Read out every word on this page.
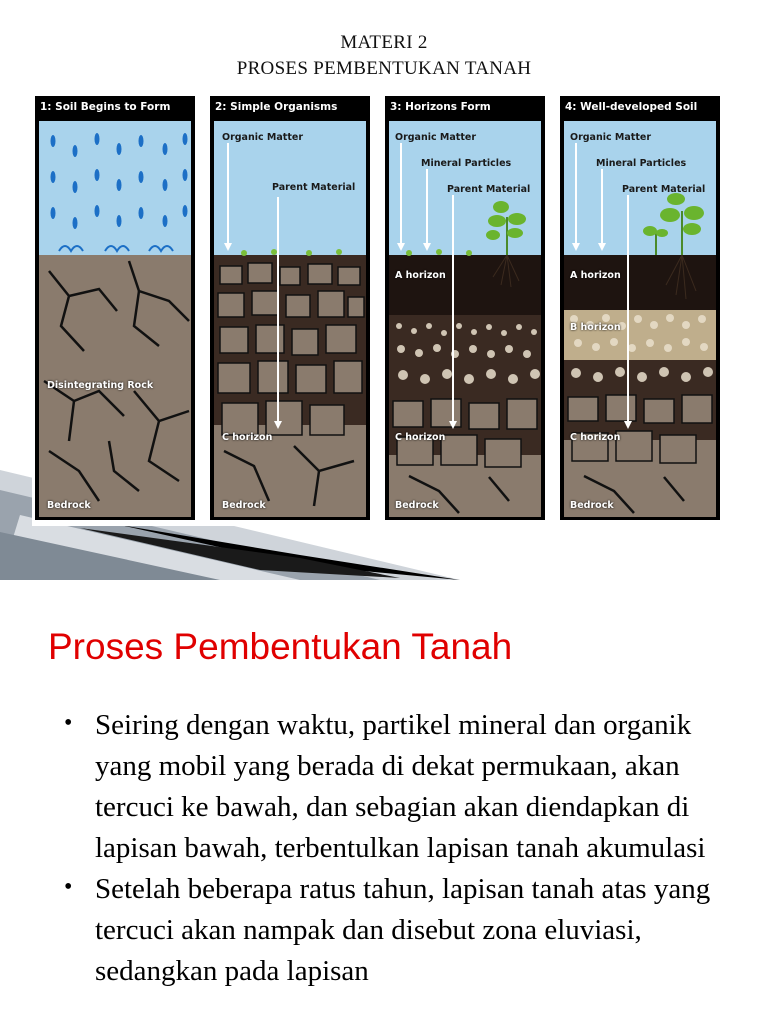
MATERI 2
PROSES PEMBENTUKAN TANAH
1: Soil Begins to Form
Disintegrating Rock
Bedrock
2: Simple Organisms
Organic Matter
Parent Material
C horizon
Bedrock
3: Horizons Form
Organic Matter
Mineral Particles
Parent Material
A horizon
C horizon
Bedrock
4: Well-developed Soil
Organic Matter
Mineral Particles
Parent Material
A horizon
B horizon
C horizon
Bedrock
Proses Pembentukan Tanah
• Seiring dengan waktu, partikel mineral dan organik yang mobil yang berada di dekat permukaan, akan tercuci ke bawah, dan sebagian akan diendapkan di lapisan bawah, terbentulkan lapisan tanah akumulasi
• Setelah beberapa ratus tahun, lapisan tanah atas yang tercuci akan nampak dan disebut zona eluviasi, sedangkan pada lapisan
